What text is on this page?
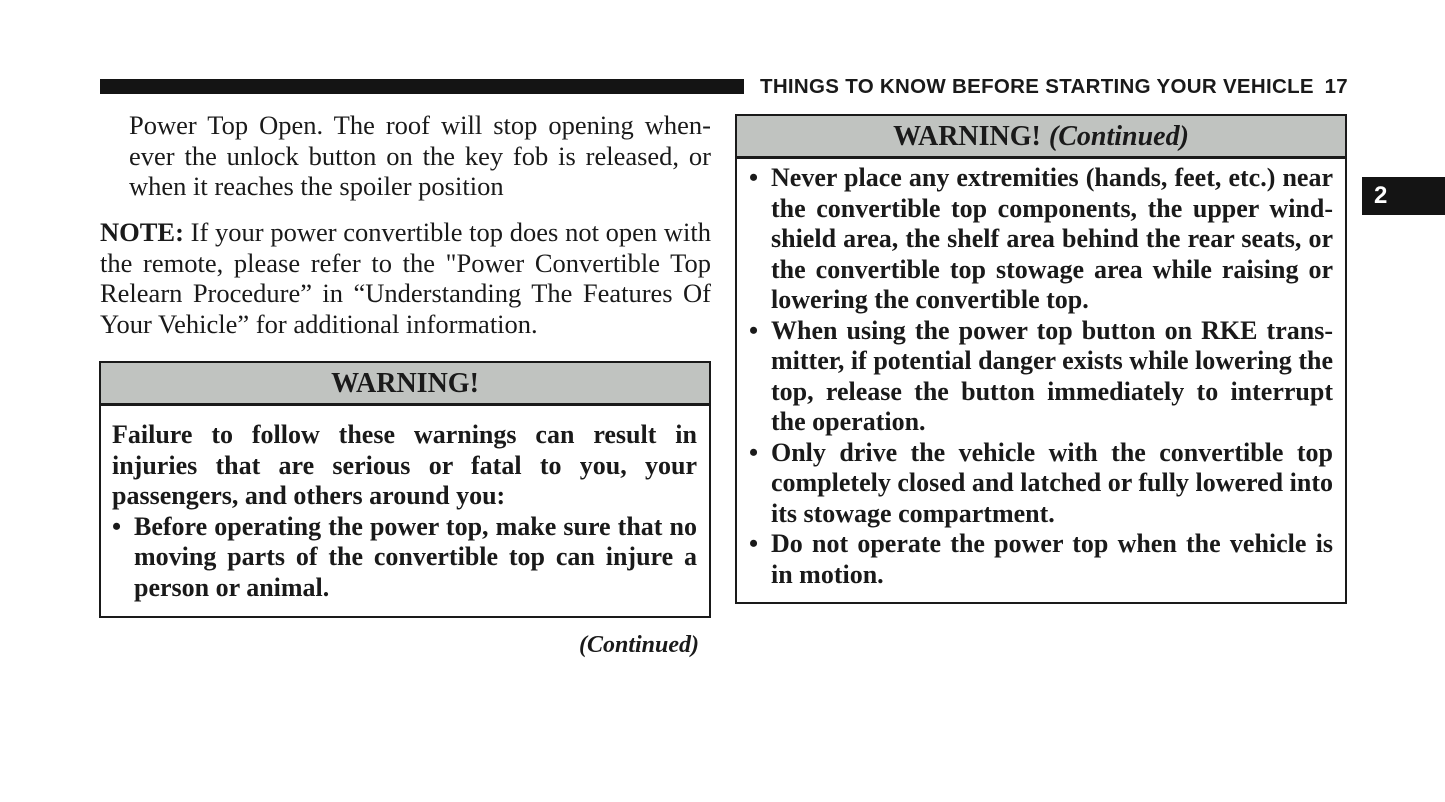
THINGS TO KNOW BEFORE STARTING YOUR VEHICLE 17
2

Power Top Open. The roof will stop opening when-ever the unlock button on the key fob is released, or when it reaches the spoiler position

NOTE: If your power convertible top does not open with the remote, please refer to the "Power Convertible Top Relearn Procedure” in “Understanding The Features Of Your Vehicle” for additional information.

WARNING!

Failure to follow these warnings can result in injuries that are serious or fatal to you, your passengers, and others around you:

• Before operating the power top, make sure that no moving parts of the convertible top can injure a person or animal.

(Continued)
WARNING! (Continued)

• Never place any extremities (hands, feet, etc.) near the convertible top components, the upper wind-shield area, the shelf area behind the rear seats, or the convertible top stowage area while raising or lowering the convertible top.

• When using the power top button on RKE trans-mitter, if potential danger exists while lowering the top, release the button immediately to interrupt the operation.

• Only drive the vehicle with the convertible top completely closed and latched or fully lowered into its stowage compartment.

• Do not operate the power top when the vehicle is in motion.
